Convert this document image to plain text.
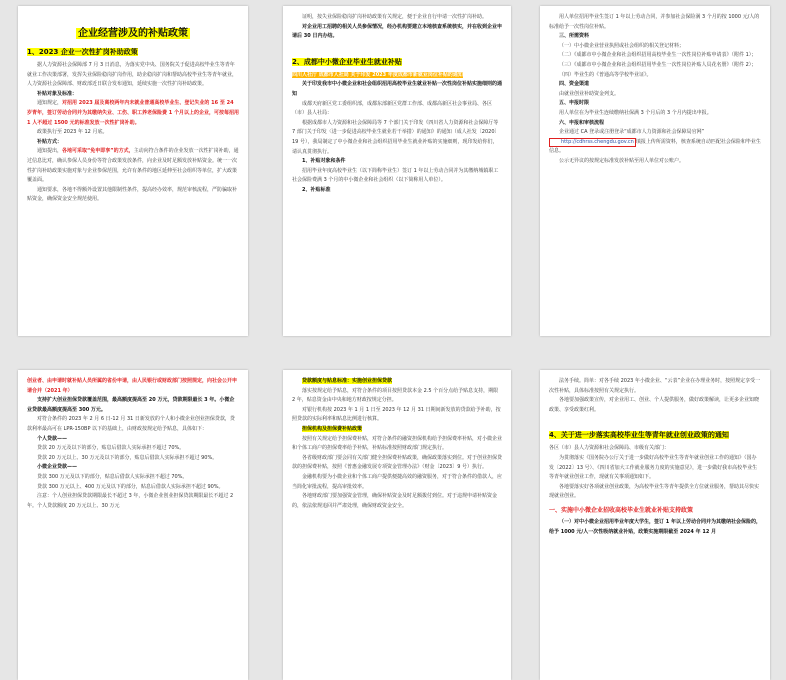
企业经营涉及的补贴政策
1、2023 企业一次性扩岗补助政策

据人力资源社会保障部 7 月 3 日消息，为落实党中央、国务院关于促进高校毕业生等青年就业工作决策部署，发挥失业保险稳岗扩岗作用，助企稳岗扩岗和帮助高校毕业生等青年就业，人力资源社会保障部、财政部近日联合发布通知，延续实施一次性扩岗补助政策。

补贴对象及标准：

通知规定，对招用 2023 届及离校两年内未就业普通高校毕业生、登记失业的 16 至 24 岁青年，签订劳动合同并为其缴纳失业、工伤、职工养老保险费 1 个月以上的企业，可按每招用 1 人不超过 1500 元的标准发放一次性扩岗补助。

政策执行至 2023 年 12 月底。

补贴方式：

通知提出，各地可采取“免申即享”的方式，主动向符合条件的企业发放一次性扩岗补助，通过信息比对，确认参保人员身份等符合政策发放条件，向企业及时足额发放补贴资金。统一一次性扩岗补助政策实施对象与企业参保范围，允许有条件的地区延伸至社会组织等单位，扩大政策覆盖面。

通知要求，各地不得额外设置其他限制性条件，提高经办效率，规范审核流程，严防骗取补贴资金，确保资金安全规范使用。

证明，按失业保险稳岗扩岗补助政策有关规定，便于企业自行申请一次性扩岗补助。

对企业用工招聘的相关人员参保情况，经办机构要建立本地核查系统核实，并在收到企业申请后 30 日内办结。

2、成都中小微企业毕业生就业补贴

四川人社厅 成都市人社局 关于印发 2023 年度成都市新就业岗位补贴的通知

关于印发我市中小微企业和社会组织招用高校毕业生就业补贴一次性岗位补贴实施细则的通知

成都天府新区党工委组织部，成都东部新区党群工作部、成都高新区社会事业局、各区（市）县人社局：

根据成都市人力资源和社会保障局等 7 个部门关于印发《四川省人力资源和社会保障厅等 7 部门关于印发〈进一步促进高校毕业生就业若干举措〉的通知》的通知（成人社发〔2020〕19 号），我局制定了中小微企业和社会组织招用毕业生就业补贴的实施细则，现印发给你们，请认真贯彻执行。

1、补贴对象和条件

招用毕业年度高校毕业生（以下简称毕业生）签订 1 年以上劳动合同并为其缴纳城镇职工社会保险费满 3 个月的中小微企业和社会组织（以下简称用人单位）。

2、补贴标准

用人单位招用毕业生签订 1 年以上劳动合同，并参加社会保险满 3 个月的按 1000 元/人的标准给予一次性岗位补贴。

三、所需资料

（一）中小微企业营业执照或社会组织的相关登记材料；

（二）《成都市中小微企业和社会组织招用高校毕业生一次性岗位补贴申请表》（附件 1）；

（三）《成都市中小微企业和社会组织招用毕业生一次性岗位补贴人员花名册》（附件 2）；

（四）毕业生的《普通高等学校毕业证》。

四、资金渠道

由就业创业补助资金列支。

五、申报时限

用人单位在为毕业生连续缴纳社保满 3 个月后的 3 个月内提出申报。

六、申报和审核流程

企业通过 CA 登录或注册登录“成都市人力资源和社会保障局官网”http://cdhrss.chengdu.gov.cn 填报上传所需资料，核查系统自动匹配社会保险和毕业生信息。

公示无异议的按规定标准发放补贴至用人单位对公账户。

创业者、由申请时就补贴人员所属的省份申请，由人民银行或财政部门按照规定，向社会公开申请合并（2021 年）

支持扩大创业担保贷款覆盖范围，最高额度提高至 20 万元，贷款期限最长 3 年。小微企业贷款最高额度提高至 300 万元。

对符合条件的 2023 年 2 月 6 日-12 月 31 日新发放的个人和小微企业创业担保贷款，贷款利率最高可在 LPR-150BP 以下的基础上，由财政按规定给予贴息，具体如下：

个人贷款——

贷款 20 万元及以下的部分，贴息后借款人实际承担不超过 70%。

贷款 20 万元以上、30 万元及以下的部分，贴息后借款人实际承担不超过 90%。

小微企业贷款——

贷款 300 万元及以下的部分，贴息后借款人实际承担不超过 70%。

贷款 300 万元以上、400 万元及以下的部分，贴息后借款人实际承担不超过 90%。

注意：个人创业担保贷款期限最长不超过 3 年，小微企业创业担保贷款期限最长不超过 2 年。个人贷款额度 20 万元以上、30 万元

贷款额度与贴息标准：实施创业担保贷款

落实按规定给予贴息，对符合条件的项目按照贷款本金 2.5 个百分点给予贴息支持，期限 2 年，贴息资金由中央和地方财政按规定分担。

对银行机构按 2023 年 1 月 1 日至 2023 年 12 月 31 日期间新发放的贷款给予补助，按照贷款的实际利率和贴息比例进行核算。

担保机构及担保费补贴政策

按照有关规定给予担保费补贴，对符合条件的融资担保机构给予担保费率补贴，对小微企业和个体工商户的担保费率给予补贴，补贴标准按照财政部门规定执行。

各省级财政部门要会同有关部门健全担保费补贴政策，确保政策落实到位。对于创业担保贷款的担保费补贴，按照《普惠金融发展专项资金管理办法》（财金〔2023〕9 号）执行。

金融机构要为小微企业和个体工商户提供便捷高效的融资服务，对于符合条件的借款人，应当简化审批流程，提高审批效率。

各地财政部门要加强资金管理，确保补贴资金及时足额拨付到位。对于违规申请补贴资金的，依法依规追回并严肃处理，确保财政资金安全。

法务手续。简单：对各手续 2023 年小微企业、“云表”企业在办理业务时，按照规定享受一次性补贴，具体标准按照有关规定执行。

各地要加强政策宣传，对企业用工、创业、个人提供服务，做好政策解读，让更多企业知晓政策、享受政策红利。

4、关于进一步落实高校毕业生等青年就业创业政策的通知

各区（市）县人力资源和社会保障局、市级有关部门：

为贯彻落实《国务院办公厅关于进一步做好高校毕业生等青年就业创业工作的通知》（国办发〔2022〕13 号）、《四川省加大工作就业服务力度的实施意见》，进一步做好我市高校毕业生等青年就业创业工作，现就有关事项通知如下。

各地要落实好各项就业创业政策，为高校毕业生等青年提供全方位就业服务，帮助其尽快实现就业创业。

一、实施中小微企业招收高校毕业生就业补贴支持政策

（一）对中小微企业招用毕业年度大学生，签订 1 年以上劳动合同并为其缴纳社会保险的，给予 1000 元/人一次性吸纳就业补贴，政策实施期限截至 2024 年 12 月
